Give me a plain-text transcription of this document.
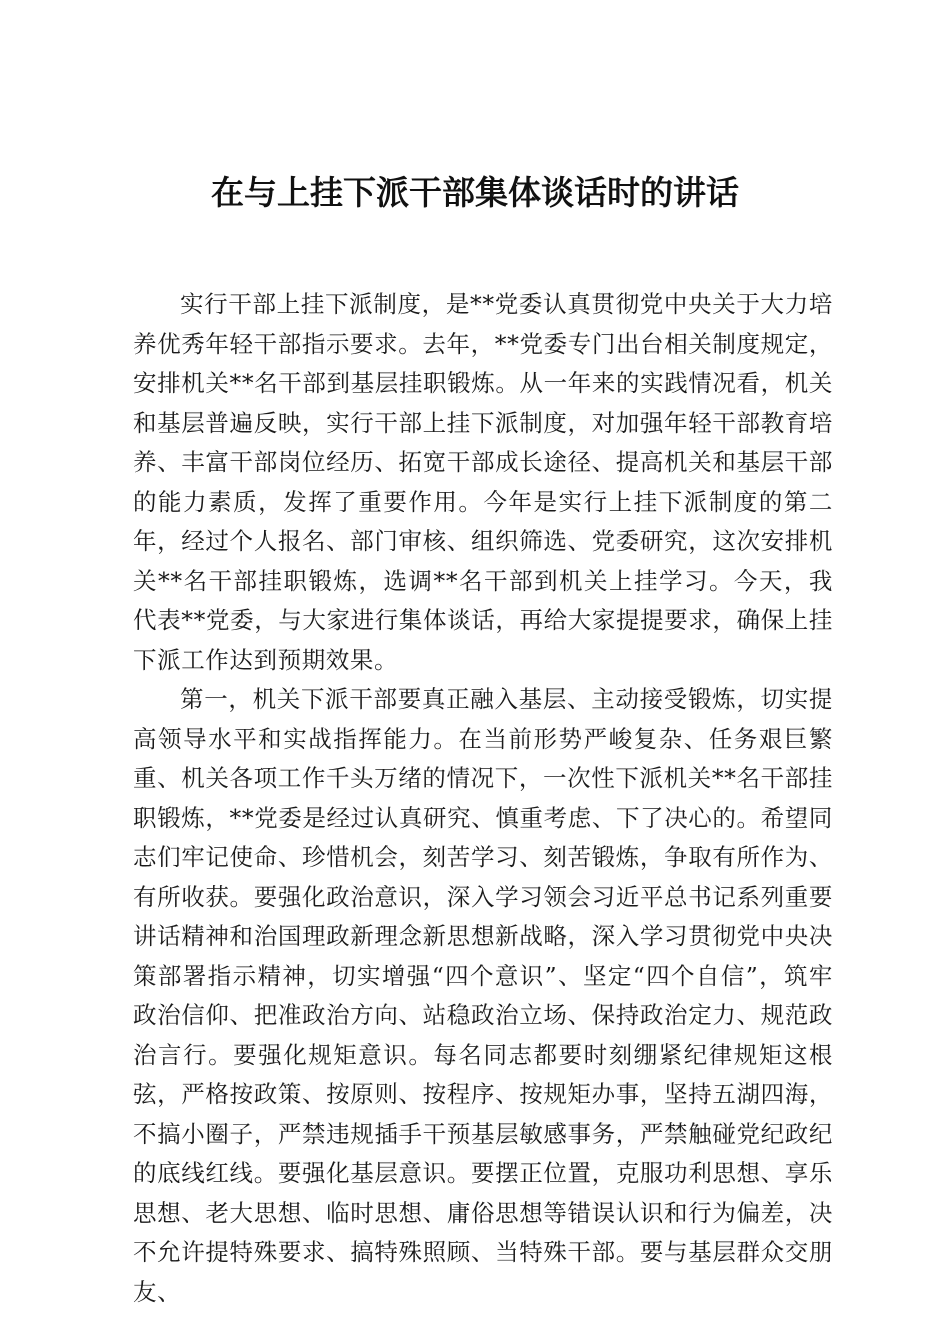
在与上挂下派干部集体谈话时的讲话

实行干部上挂下派制度，是**党委认真贯彻党中央关于大力培养优秀年轻干部指示要求。去年，**党委专门出台相关制度规定，安排机关**名干部到基层挂职锻炼。从一年来的实践情况看，机关和基层普遍反映，实行干部上挂下派制度，对加强年轻干部教育培养、丰富干部岗位经历、拓宽干部成长途径、提高机关和基层干部的能力素质，发挥了重要作用。今年是实行上挂下派制度的第二年，经过个人报名、部门审核、组织筛选、党委研究，这次安排机关**名干部挂职锻炼，选调**名干部到机关上挂学习。今天，我代表**党委，与大家进行集体谈话，再给大家提提要求，确保上挂下派工作达到预期效果。

第一，机关下派干部要真正融入基层、主动接受锻炼，切实提高领导水平和实战指挥能力。在当前形势严峻复杂、任务艰巨繁重、机关各项工作千头万绪的情况下，一次性下派机关**名干部挂职锻炼，**党委是经过认真研究、慎重考虑、下了决心的。希望同志们牢记使命、珍惜机会，刻苦学习、刻苦锻炼，争取有所作为、有所收获。要强化政治意识，深入学习领会习近平总书记系列重要讲话精神和治国理政新理念新思想新战略，深入学习贯彻党中央决策部署指示精神，切实增强“四个意识”、坚定“四个自信”，筑牢政治信仰、把准政治方向、站稳政治立场、保持政治定力、规范政治言行。要强化规矩意识。每名同志都要时刻绷紧纪律规矩这根弦，严格按政策、按原则、按程序、按规矩办事，坚持五湖四海，不搞小圈子，严禁违规插手干预基层敏感事务，严禁触碰党纪政纪的底线红线。要强化基层意识。要摆正位置，克服功利思想、享乐思想、老大思想、临时思想、庸俗思想等错误认识和行为偏差，决不允许提特殊要求、搞特殊照顾、当特殊干部。要与基层群众交朋友、
